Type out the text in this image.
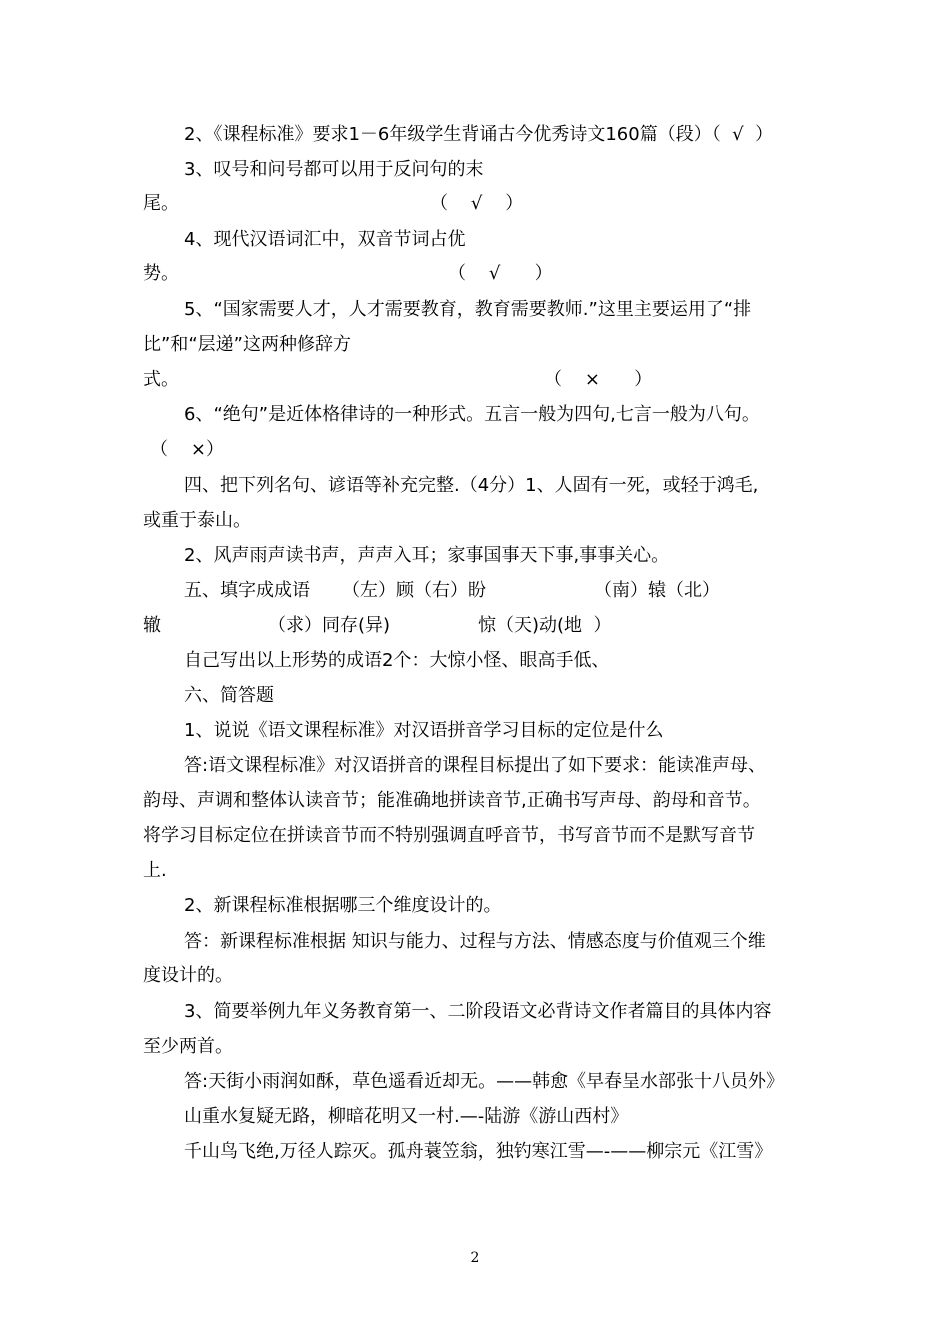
2、《课程标准》要求1－6年级学生背诵古今优秀诗文160篇（段）（  √  ）

3、叹号和问号都可以用于反问句的末

尾。

	（    √    ）

4、现代汉语词汇中，双音节词占优

势。

	（    √      ）

5、“国家需要人才，人才需要教育，教育需要教师.”这里主要运用了“排

比”和“层递”这两种修辞方

式。

	（    ×      ）

6、“绝句”是近体格律诗的一种形式。五言一般为四句,七言一般为八句。

（    ×）

四、把下列名句、谚语等补充完整.（4分）1、人固有一死，或轻于鸿毛,

或重于泰山。

2、风声雨声读书声，声声入耳；家事国事天下事,事事关心。

五、填字成成语

（左）顾（右）盼

	（南）辕（北）

辙

	（求）同存(异)

	惊（天)动(地  ）

自己写出以上形势的成语2个：大惊小怪、眼高手低、

六、简答题

1、说说《语文课程标准》对汉语拼音学习目标的定位是什么

答:语文课程标准》对汉语拼音的课程目标提出了如下要求：能读准声母、

韵母、声调和整体认读音节；能准确地拼读音节,正确书写声母、韵母和音节。

将学习目标定位在拼读音节而不特别强调直呼音节，书写音节而不是默写音节

上.

2、新课程标准根据哪三个维度设计的。

答：新课程标准根据 知识与能力、过程与方法、情感态度与价值观三个维

度设计的。

3、简要举例九年义务教育第一、二阶段语文必背诗文作者篇目的具体内容

至少两首。

答:天街小雨润如酥，草色遥看近却无。——韩愈《早春呈水部张十八员外》

山重水复疑无路，柳暗花明又一村.—-陆游《游山西村》

千山鸟飞绝,万径人踪灭。孤舟蓑笠翁，独钓寒江雪—-——柳宗元《江雪》

2
